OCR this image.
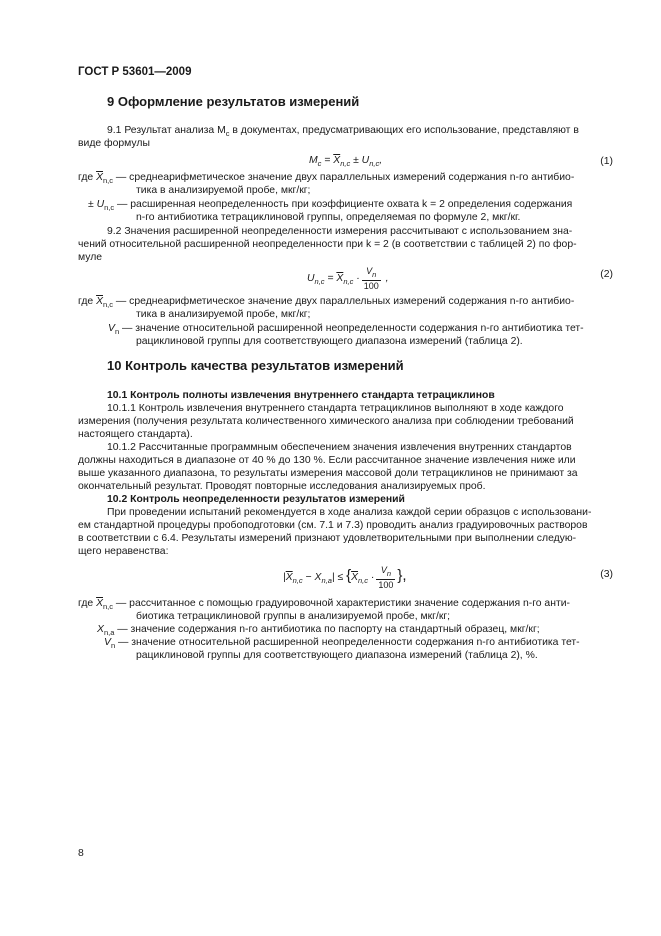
ГОСТ Р 53601—2009
9 Оформление результатов измерений
9.1 Результат анализа $M_c$ в документах, предусматривающих его использование, представляют в
виде формулы
$M_c = \overline{X}_{n,c} \pm U_{n,c}$,	(1)
где $\overline{X}_{n,c}$ — среднеарифметическое значение двух параллельных измерений содержания n-го антибио-
тика в анализируемой пробе, мкг/кг;
± $U_{n,c}$ — расширенная неопределенность при коэффициенте охвата k = 2 определения содержания
n-го антибиотика тетрациклиновой группы, определяемая по формуле 2, мкг/кг.
9.2 Значения расширенной неопределенности измерения рассчитывают с использованием зна-
чений относительной расширенной неопределенности при k = 2 (в соответствии с таблицей 2) по фор-
муле
$U_{n,c} = \overline{X}_{n,c} \cdot \frac{V_n}{100}$ ,	(2)
где $\overline{X}_{n,c}$ — среднеарифметическое значение двух параллельных измерений содержания n-го антибио-
тика в анализируемой пробе, мкг/кг;
$V_n$ — значение относительной расширенной неопределенности содержания n-го антибиотика тет-
рациклиновой группы для соответствующего диапазона измерений (таблица 2).
10 Контроль качества результатов измерений
10.1 Контроль полноты извлечения внутреннего стандарта тетрациклинов
10.1.1 Контроль извлечения внутреннего стандарта тетрациклинов выполняют в ходе каждого
измерения (получения результата количественного химического анализа при соблюдении требований
настоящего стандарта).
10.1.2 Рассчитанные программным обеспечением значения извлечения внутренних стандартов
должны находиться в диапазоне от 40 % до 130 %. Если рассчитанное значение извлечения ниже или
выше указанного диапазона, то результаты измерения массовой доли тетрациклинов не принимают за
окончательный результат. Проводят повторные исследования анализируемых проб.
10.2 Контроль неопределенности результатов измерений
При проведении испытаний рекомендуется в ходе анализа каждой серии образцов с использовани-
ем стандартной процедуры пробоподготовки (см. 7.1 и 7.3) проводить анализ градуировочных растворов
в соответствии с 6.4. Результаты измерений признают удовлетворительными при выполнении следую-
щего неравенства:
$|\overline{X}_{n,c} - X_{n,a}| \le \{\overline{X}_{n,c} \cdot \frac{V_n}{100}$ },	(3)
где $\overline{X}_{n,c}$ — рассчитанное с помощью градуировочной характеристики значение содержания n-го анти-
биотика тетрациклиновой группы в анализируемой пробе, мкг/кг;
$X_{n,a}$ — значение содержания n-го антибиотика по паспорту на стандартный образец, мкг/кг;
$V_n$ — значение относительной расширенной неопределенности содержания n-го антибиотика тет-
рациклиновой группы для соответствующего диапазона измерений (таблица 2), %.
8
